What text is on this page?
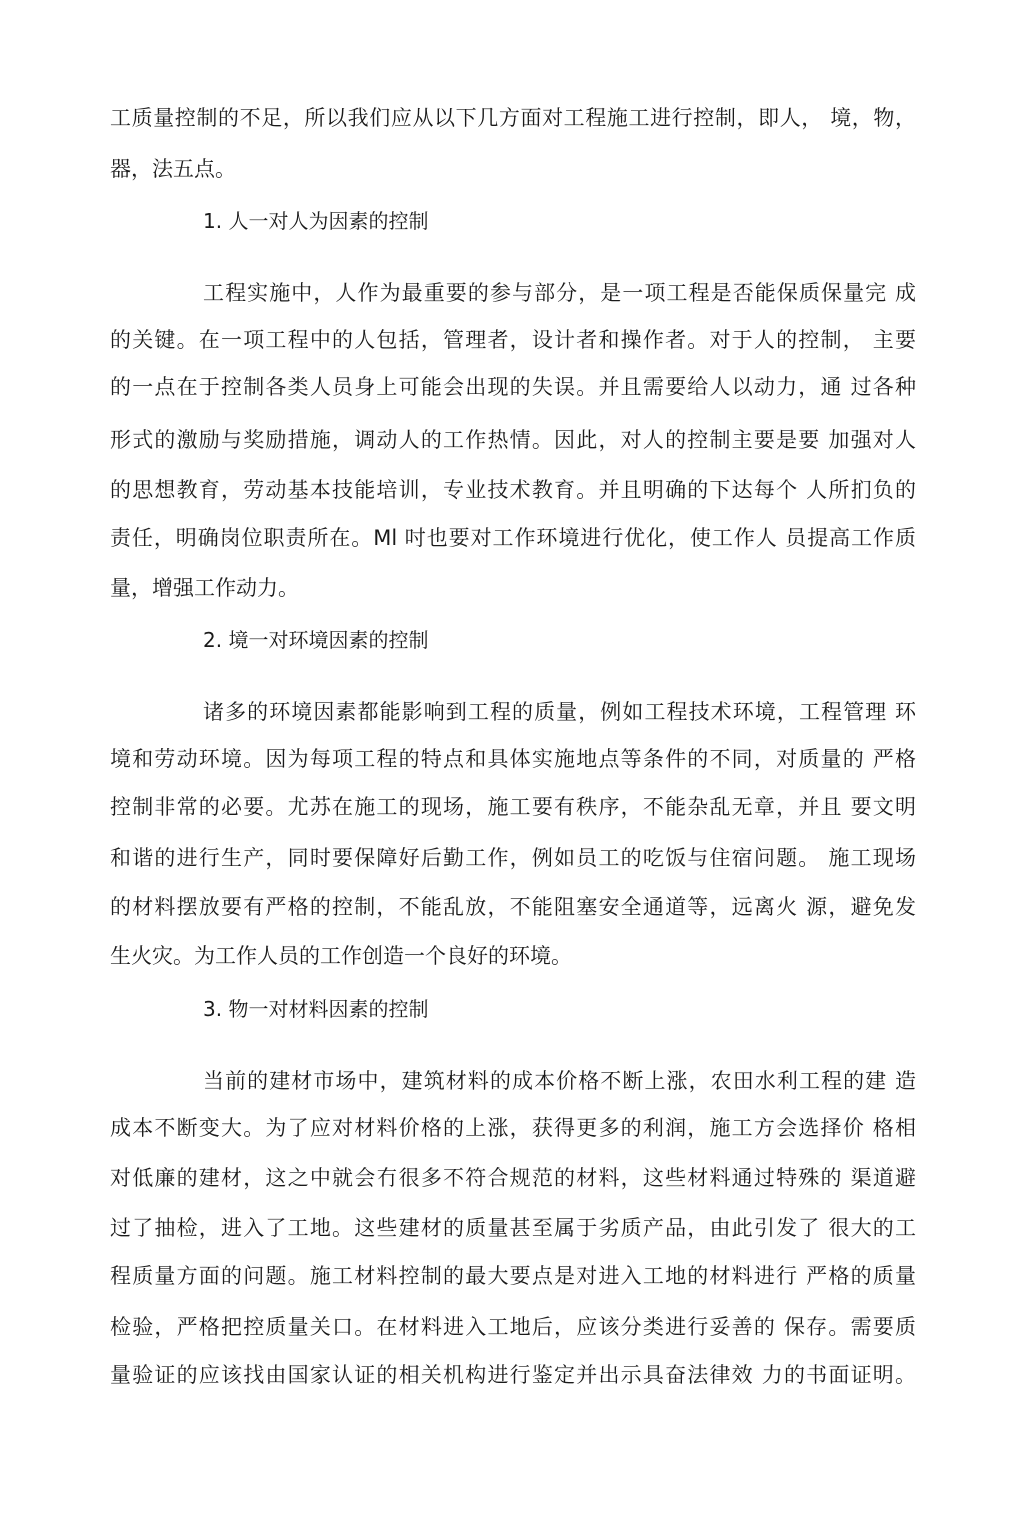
工质量控制的不足，所以我们应从以下几方面对工程施工进行控制，即人， 境，物，
器，法五点。
1. 人一对人为因素的控制
工程实施中，人作为最重要的参与部分，是一项工程是否能保质保量完 成
的关键。在一项工程中的人包括，管理者，设计者和操作者。对于人的控制， 主要
的一点在于控制各类人员身上可能会出现的失误。并且需要给人以动力，通 过各种
形式的激励与奖励措施，调动人的工作热情。因此，对人的控制主要是要 加强对人
的思想教育，劳动基本技能培训，专业技术教育。并且明确的下达每个 人所扪负的
责任，明确岗位职责所在。Ml 吋也要对工作环境进行优化，使工作人 员提高工作质
量，增强工作动力。
2. 境一对环境因素的控制
诸多的环境因素都能影响到工程的质量，例如工程技术环境，工程管理 环
境和劳动环境。因为每项工程的特点和具体实施地点等条件的不同，对质量的 严格
控制非常的必要。尤苏在施工的现场，施工要有秩序，不能杂乱无章，并且 要文明
和谐的进行生产，同时要保障好后勤工作，例如员工的吃饭与住宿问题。 施工现场
的材料摆放要有严格的控制，不能乱放，不能阻塞安全通道等，远离火 源，避免发
生火灾。为工作人员的工作创造一个良好的环境。
3. 物一对材料因素的控制
当前的建材市场中，建筑材料的成本价格不断上涨，农田水利工程的建 造
成本不断变大。为了应对材料价格的上涨，获得更多的利润，施工方会选择价 格相
对低廉的建材，这之中就会冇很多不符合规范的材料，这些材料通过特殊的 渠道避
过了抽检，进入了工地。这些建材的质量甚至属于劣质产品，由此引发了 很大的工
程质量方面的问题。施工材料控制的最大要点是对进入工地的材料进行 严格的质量
检验，严格把控质量关口。在材料进入工地后，应该分类进行妥善的 保存。需要质
量验证的应该找由国家认证的相关机构进行鉴定并出示具奋法律效 力的书面证明。
